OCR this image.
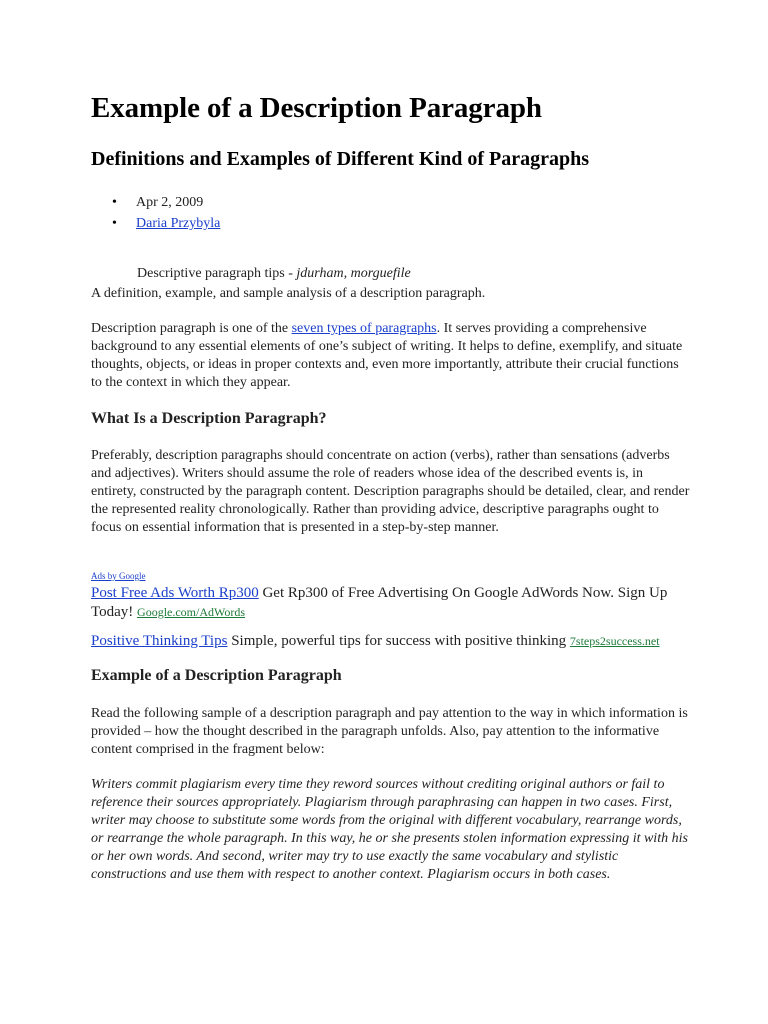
Example of a Description Paragraph
Definitions and Examples of Different Kind of Paragraphs
• Apr 2, 2009
• Daria Przybyla
Descriptive paragraph tips - jdurham, morguefile

A definition, example, and sample analysis of a description paragraph.

Description paragraph is one of the seven types of paragraphs. It serves providing a comprehensive background to any essential elements of one’s subject of writing. It helps to define, exemplify, and situate thoughts, objects, or ideas in proper contexts and, even more importantly, attribute their crucial functions to the context in which they appear.

What Is a Description Paragraph?

Preferably, description paragraphs should concentrate on action (verbs), rather than sensations (adverbs and adjectives). Writers should assume the role of readers whose idea of the described events is, in entirety, constructed by the paragraph content. Description paragraphs should be detailed, clear, and render the represented reality chronologically. Rather than providing advice, descriptive paragraphs ought to focus on essential information that is presented in a step-by-step manner.

Ads by Google
Post Free Ads Worth Rp300 Get Rp300 of Free Advertising On Google AdWords Now. Sign Up Today! Google.com/AdWords
Positive Thinking Tips Simple, powerful tips for success with positive thinking 7steps2success.net
Example of a Description Paragraph

Read the following sample of a description paragraph and pay attention to the way in which information is provided – how the thought described in the paragraph unfolds. Also, pay attention to the informative content comprised in the fragment below:

Writers commit plagiarism every time they reword sources without crediting original authors or fail to reference their sources appropriately. Plagiarism through paraphrasing can happen in two cases. First, writer may choose to substitute some words from the original with different vocabulary, rearrange words, or rearrange the whole paragraph. In this way, he or she presents stolen information expressing it with his or her own words. And second, writer may try to use exactly the same vocabulary and stylistic constructions and use them with respect to another context. Plagiarism occurs in both cases.
